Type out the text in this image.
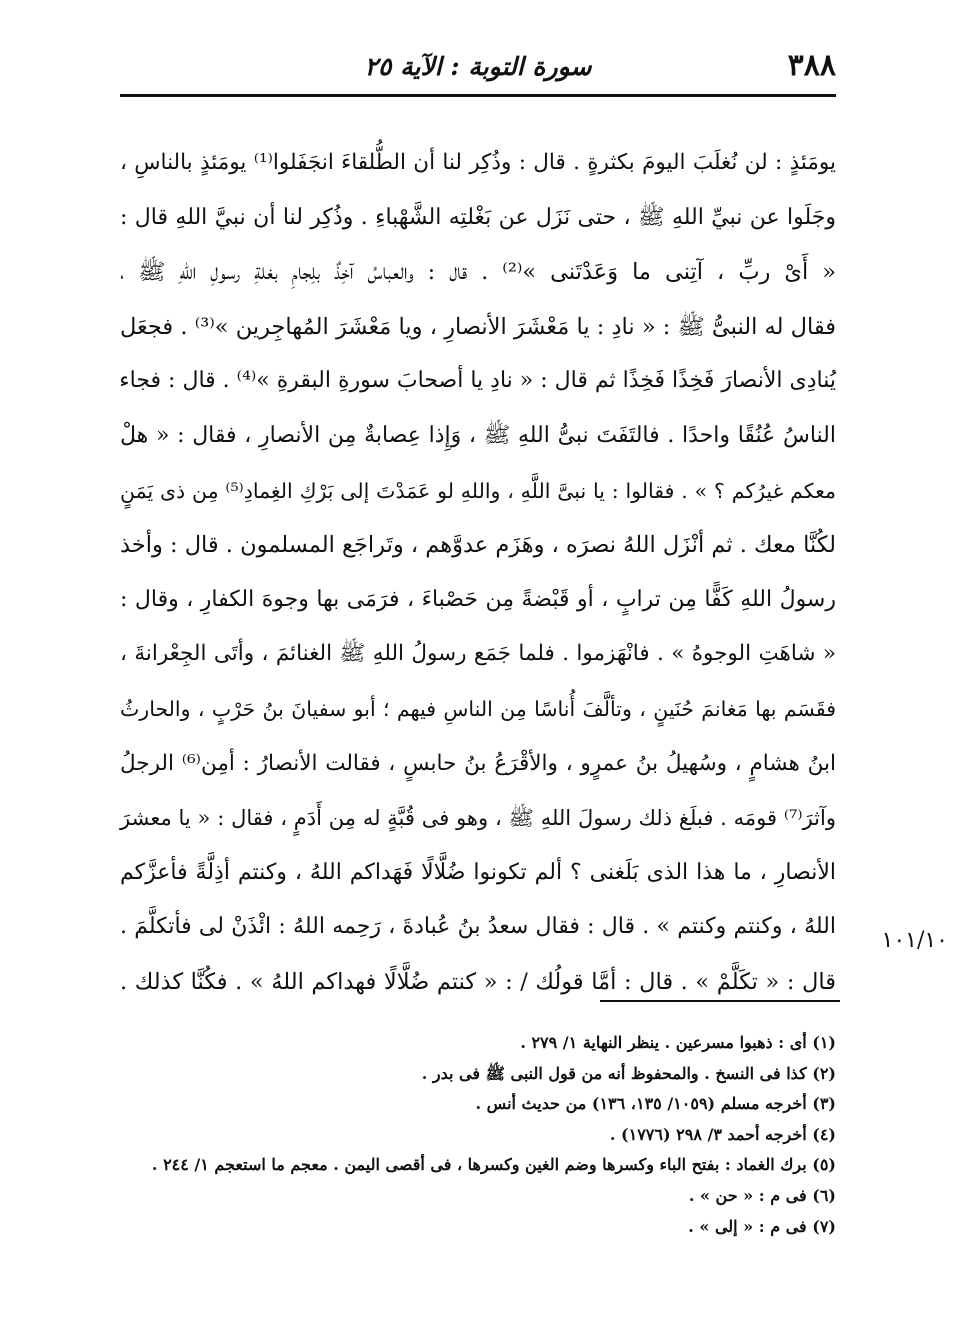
٣٨٨
سورة التوبة : الآية ٢٥
يومَئذٍ : لن نُغلَبَ اليومَ بكثرةٍ . قال : وذُكِر لنا أن الطُّلقاءَ انجَفَلوا⁽¹⁾ يومَئذٍ بالناسِ ،
وجَلَوا عن نبيِّ اللهِ ﷺ ، حتى نَزَل عن بَغْلتِه الشَّهْباءِ . وذُكِر لنا أن نبيَّ اللهِ قال :
« أَىْ ربِّ ، آتِنى ما وَعَدْتَنى »⁽²⁾ . قال : والعباسُ آخِذٌ بلِجامِ بغلةِ رسولِ اللهِ ﷺ ،
فقال له النبىُّ ﷺ : « نادِ : يا مَعْشَرَ الأنصارِ ، ويا مَعْشَرَ المُهاجِرين »⁽³⁾ . فجعَل
يُنادِى الأنصارَ فَخِذًا فَخِذًا ثم قال : « نادِ يا أصحابَ سورةِ البقرةِ »⁽⁴⁾ . قال : فجاء
الناسُ عُنُقًا واحدًا . فالتَفَتَ نبىُّ اللهِ ﷺ ، وَإِذا عِصابةٌ مِن الأنصارِ ، فقال : « هلْ
معكم غيرُكم ؟ » . فقالوا : يا نبىَّ اللَّهِ ، واللهِ لو عَمَدْتَ إلى بَرْكِ الغِمادِ⁽⁵⁾ مِن ذى يَمَنٍ
لكُنَّا معك . ثم أنْزَل اللهُ نصرَه ، وهَزَم عدوَّهم ، وتَراجَع المسلمون . قال : وأخذ
رسولُ اللهِ كَفًّا مِن ترابٍ ، أو قَبْضةً مِن حَصْباءَ ، فرَمَى بها وجوهَ الكفارِ ، وقال :
« شاهَتِ الوجوهُ » . فانْهَزموا . فلما جَمَع رسولُ اللهِ ﷺ الغنائمَ ، وأتَى الجِعْرانةَ ،
فقَسَم بها مَغانمَ حُنَينٍ ، وتألَّفَ أُناسًا مِن الناسِ فيهم ؛ أبو سفيانَ بنُ حَرْبٍ ، والحارثُ
ابنُ هشامٍ ، وسُهيلُ بنُ عمرٍو ، والأقْرَعُ بنُ حابسٍ ، فقالت الأنصارُ : أمِن⁽⁶⁾ الرجلُ
وآثرَ⁽⁷⁾ قومَه . فبلَغ ذلك رسولَ اللهِ ﷺ ، وهو فى قُبَّةٍ له مِن أَدَمٍ ، فقال : « يا معشرَ
الأنصارِ ، ما هذا الذى بَلَغنى ؟ ألم تكونوا ضُلَّالًا فَهَداكم اللهُ ، وكنتم أذِلَّةً فأعزَّكم
اللهُ ، وكنتم وكنتم » . قال : فقال سعدُ بنُ عُبادةَ ، رَحِمه اللهُ : ائْذَنْ لى فأتكلَّمَ .
قال : « تكَلَّمْ » . قال : أمَّا قولُك / : « كنتم ضُلَّالًا فهداكم اللهُ » . فكُنَّا كذلك .
١٠١/١٠
(١) أى : ذهبوا مسرعين . ينظر النهاية ١/ ٢٧٩ .
(٢) كذا فى النسخ . والمحفوظ أنه من قول النبى ﷺ فى بدر .
(٣) أخرجه مسلم (١٠٥٩/ ١٣٥، ١٣٦) من حديث أنس .
(٤) أخرجه أحمد ٣/ ٢٩٨ (١٧٧٦) .
(٥) برك الغماد : بفتح الباء وكسرها وضم الغين وكسرها ، فى أقصى اليمن . معجم ما استعجم ١/ ٢٤٤ .
(٦) فى م : « حن » .
(٧) فى م : « إلى » .
